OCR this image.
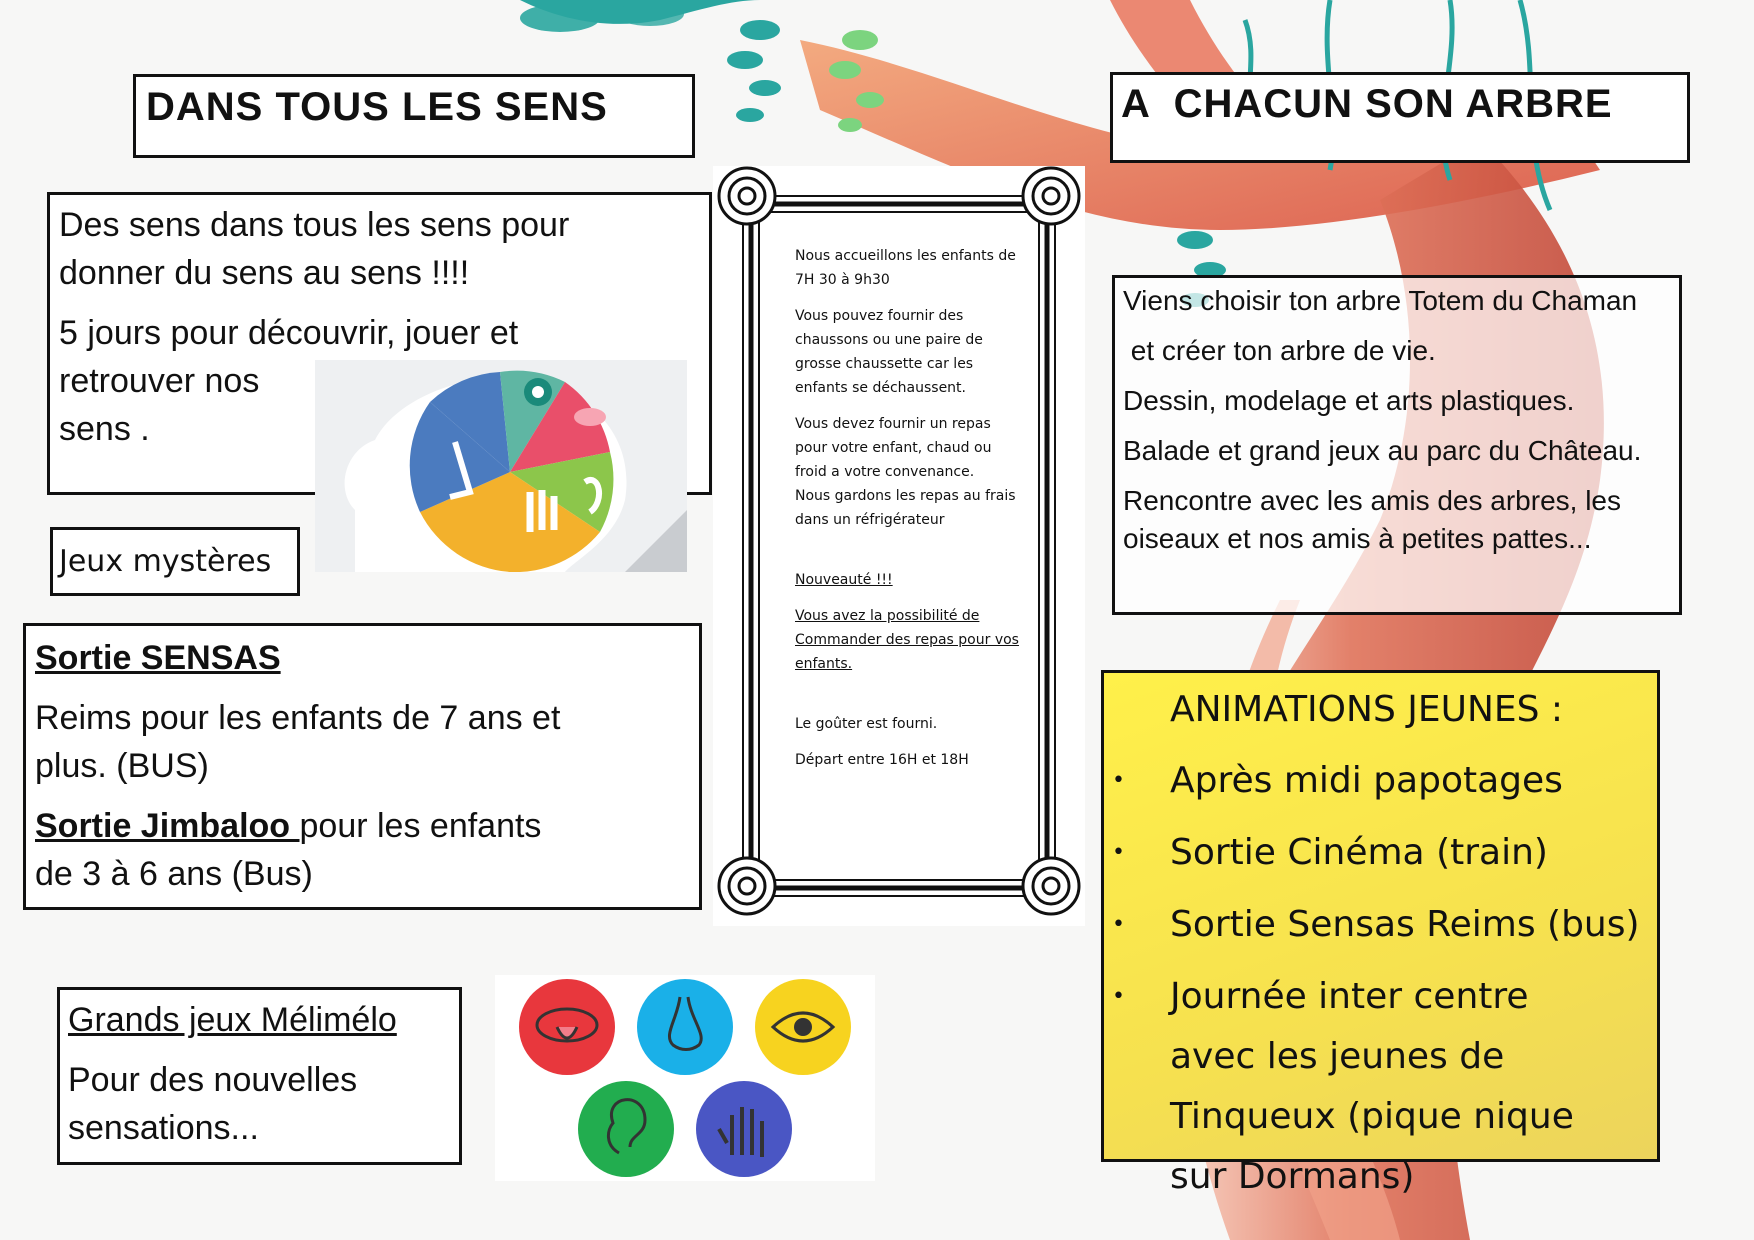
DANS TOUS LES SENS

Des sens dans tous les sens pour

donner du sens au sens !!!!

5 jours pour découvrir, jouer et

retrouver nos

sens .

Jeux mystères

Sortie SENSAS

Reims pour les enfants de 7 ans et

plus. (BUS)

Sortie Jimbaloo pour les enfants

de 3 à 6 ans (Bus)

Grands jeux Mélimélo

Pour des nouvelles

sensations...

Nous accueillons les enfants de 7H 30 à 9h30

Vous pouvez fournir des chaussons ou une paire de grosse chaussette car les enfants se déchaussent.

Vous devez fournir un repas pour votre enfant, chaud ou froid a votre convenance.

Nous gardons les repas au frais dans un réfrigérateur

Nouveauté !!!

Vous avez la possibilité de Commander des repas pour vos enfants.

Le goûter est fourni.

Départ entre 16H et 18H

A  CHACUN SON ARBRE

Viens choisir ton arbre Totem du Chaman

et créer ton arbre de vie.

Dessin, modelage et arts plastiques.

Balade et grand jeux au parc du Château.

Rencontre avec les amis des arbres, les

oiseaux et nos amis à petites pattes...

ANIMATIONS JEUNES :
• Après midi papotages
• Sortie Cinéma (train)
• Sortie Sensas Reims (bus)
• Journée inter centre avec les jeunes de Tinqueux (pique nique sur Dormans)
